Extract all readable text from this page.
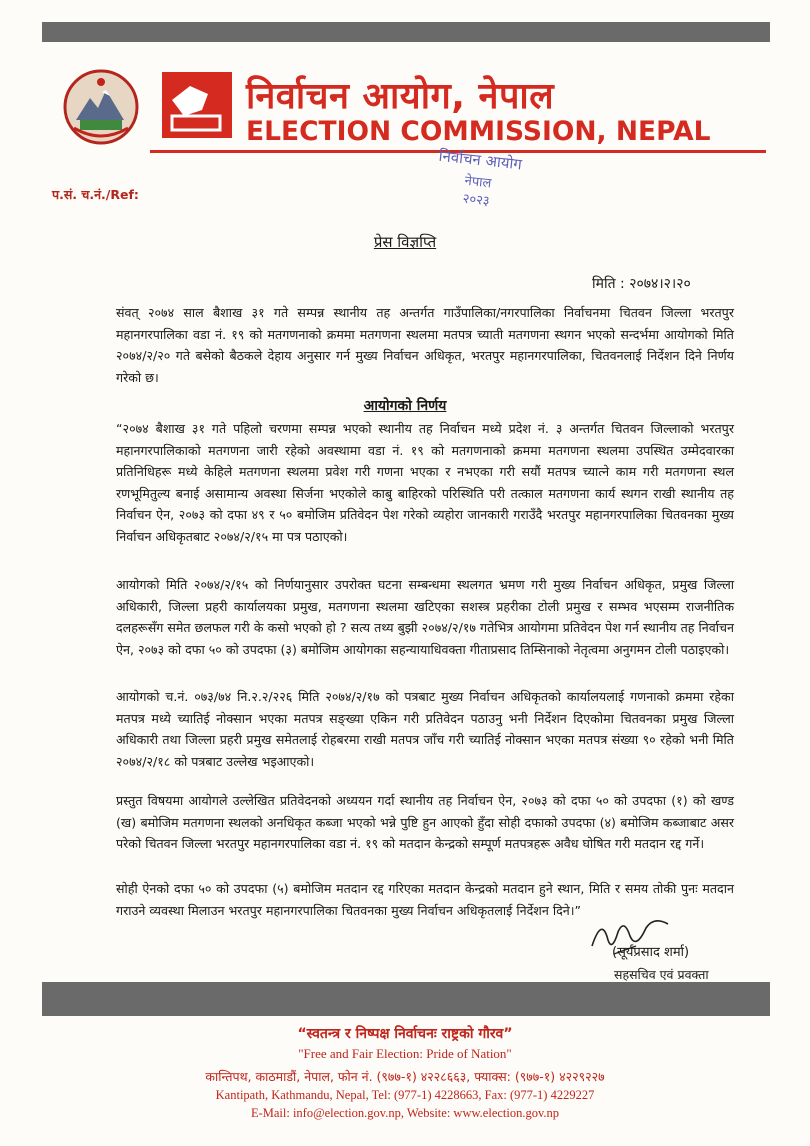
निर्वाचन आयोग, नेपाल
ELECTION COMMISSION, NEPAL
निर्वाचन आयोग
नेपाल
२०२३
प.सं. च.नं./Ref:
प्रेस विज्ञप्ति
मिति : २०७४।२।२०

संवत् २०७४ साल बैशाख ३१ गते सम्पन्न स्थानीय तह अन्तर्गत गाउँपालिका/नगरपालिका निर्वाचनमा चितवन जिल्ला भरतपुर महानगरपालिका वडा नं. १९ को मतगणनाको क्रममा मतगणना स्थलमा मतपत्र च्याती मतगणना स्थगन भएको सन्दर्भमा आयोगको मिति २०७४/२/२० गते बसेको बैठकले देहाय अनुसार गर्न मुख्य निर्वाचन अधिकृत, भरतपुर महानगरपालिका, चितवनलाई निर्देशन दिने निर्णय गरेको छ।

आयोगको निर्णय

“२०७४ बैशाख ३१ गते पहिलो चरणमा सम्पन्न भएको स्थानीय तह निर्वाचन मध्ये प्रदेश नं. ३ अन्तर्गत चितवन जिल्लाको भरतपुर महानगरपालिकाको मतगणना जारी रहेको अवस्थामा वडा नं. १९ को मतगणनाको क्रममा मतगणना स्थलमा उपस्थित उम्मेदवारका प्रतिनिधिहरू मध्ये केहिले मतगणना स्थलमा प्रवेश गरी गणना भएका र नभएका गरी सयौं मतपत्र च्यात्ने काम गरी मतगणना स्थल रणभूमितुल्य बनाई असामान्य अवस्था सिर्जना भएकोले काबु बाहिरको परिस्थिति परी तत्काल मतगणना कार्य स्थगन राखी स्थानीय तह निर्वाचन ऐन, २०७३ को दफा ४९ र ५० बमोजिम प्रतिवेदन पेश गरेको व्यहोरा जानकारी गराउँदै भरतपुर महानगरपालिका चितवनका मुख्य निर्वाचन अधिकृतबाट २०७४/२/१५ मा पत्र पठाएको।

आयोगको मिति २०७४/२/१५ को निर्णयानुसार उपरोक्त घटना सम्बन्धमा स्थलगत भ्रमण गरी मुख्य निर्वाचन अधिकृत, प्रमुख जिल्ला अधिकारी, जिल्ला प्रहरी कार्यालयका प्रमुख, मतगणना स्थलमा खटिएका सशस्त्र प्रहरीका टोली प्रमुख र सम्भव भएसम्म राजनीतिक दलहरूसँग समेत छलफल गरी के कसो भएको हो ? सत्य तथ्य बुझी २०७४/२/१७ गतेभित्र आयोगमा प्रतिवेदन पेश गर्न स्थानीय तह निर्वाचन ऐन, २०७३ को दफा ५० को उपदफा (३) बमोजिम आयोगका सहन्यायाधिवक्ता गीताप्रसाद तिम्सिनाको नेतृत्वमा अनुगमन टोली पठाइएको।

आयोगको च.नं. ०७३/७४ नि.२.२/२२६ मिति २०७४/२/१७ को पत्रबाट मुख्य निर्वाचन अधिकृतको कार्यालयलाई गणनाको क्रममा रहेका मतपत्र मध्ये च्यातिई नोक्सान भएका मतपत्र सङ्ख्या एकिन गरी प्रतिवेदन पठाउनु भनी निर्देशन दिएकोमा चितवनका प्रमुख जिल्ला अधिकारी तथा जिल्ला प्रहरी प्रमुख समेतलाई रोहबरमा राखी मतपत्र जाँच गरी च्यातिई नोक्सान भएका मतपत्र संख्या ९० रहेको भनी मिति २०७४/२/१८ को पत्रबाट उल्लेख भइआएको।

प्रस्तुत विषयमा आयोगले उल्लेखित प्रतिवेदनको अध्ययन गर्दा स्थानीय तह निर्वाचन ऐन, २०७३ को दफा ५० को उपदफा (१) को खण्ड (ख) बमोजिम मतगणना स्थलको अनधिकृत कब्जा भएको भन्ने पुष्टि हुन आएको हुँदा सोही दफाको उपदफा (४) बमोजिम कब्जाबाट असर परेको चितवन जिल्ला भरतपुर महानगरपालिका वडा नं. १९ को मतदान केन्द्रको सम्पूर्ण मतपत्रहरू अवैध घोषित गरी मतदान रद्द गर्ने।

सोही ऐनको दफा ५० को उपदफा (५) बमोजिम मतदान रद्द गरिएका मतदान केन्द्रको मतदान हुने स्थान, मिति र समय तोकी पुनः मतदान गराउने व्यवस्था मिलाउन भरतपुर महानगरपालिका चितवनका मुख्य निर्वाचन अधिकृतलाई निर्देशन दिने।”

(सूर्यप्रसाद शर्मा)
सहसचिव एवं प्रवक्ता
“स्वतन्त्र र निष्पक्ष निर्वाचनः राष्ट्रको गौरव”
"Free and Fair Election: Pride of Nation"
कान्तिपथ, काठमाडौं, नेपाल, फोन नं. (९७७-१) ४२२८६६३, फ्याक्स: (९७७-१) ४२२९२२७
Kantipath, Kathmandu, Nepal, Tel: (977-1) 4228663, Fax: (977-1) 4229227
E-Mail: info@election.gov.np, Website: www.election.gov.np
